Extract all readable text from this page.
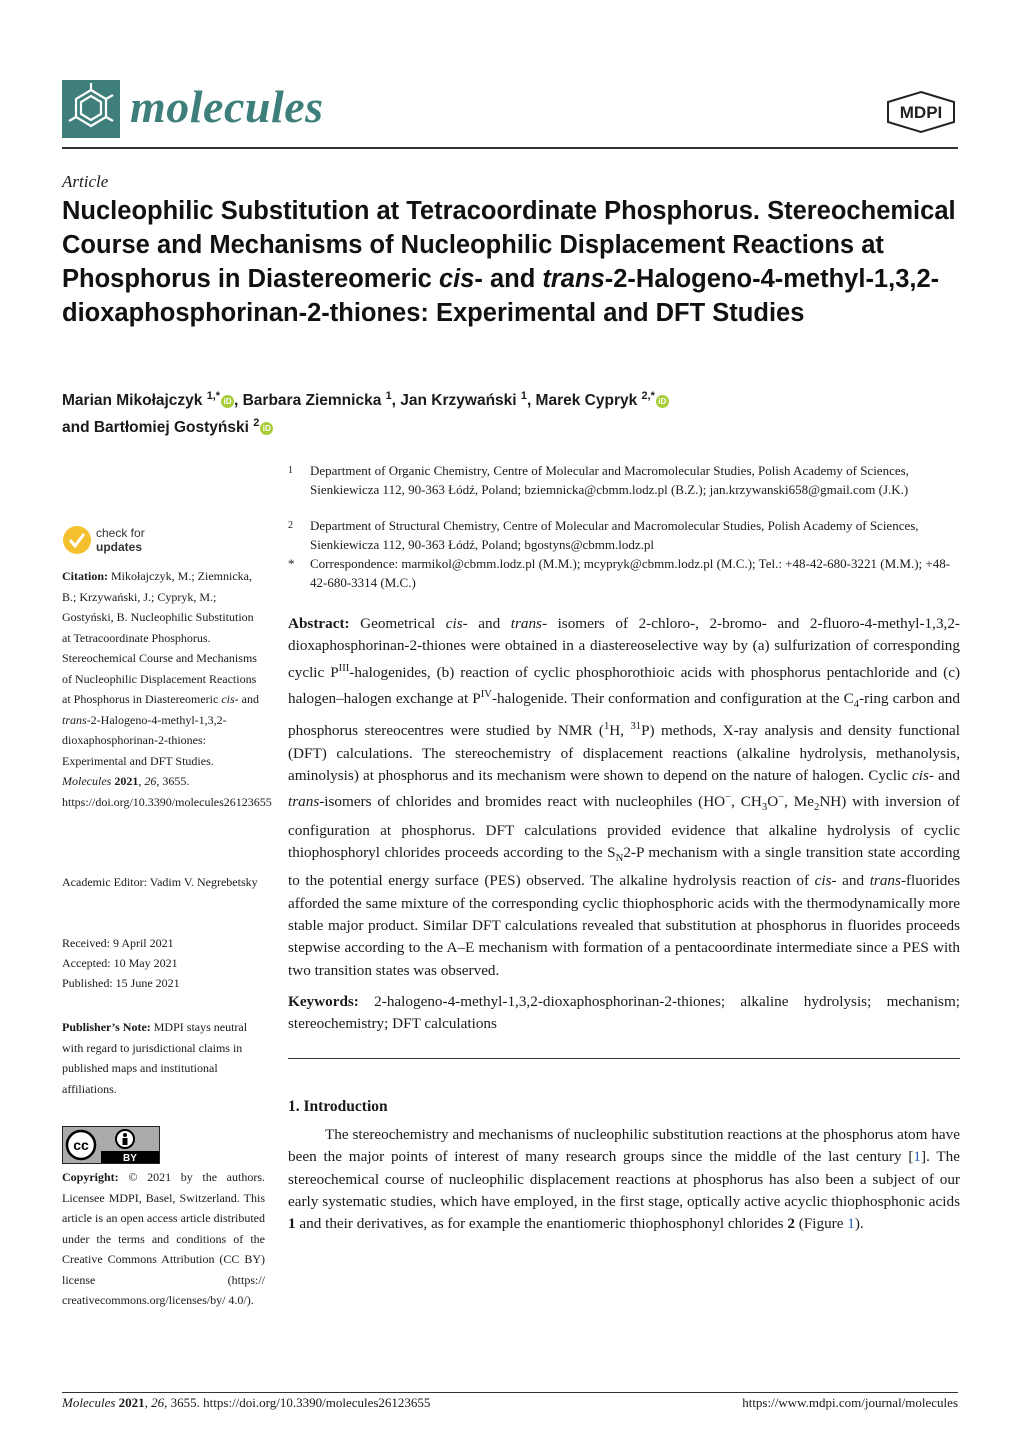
molecules	MDPI
Article
Nucleophilic Substitution at Tetracoordinate Phosphorus. Stereochemical Course and Mechanisms of Nucleophilic Displacement Reactions at Phosphorus in Diastereomeric cis- and trans-2-Halogeno-4-methyl-1,3,2-dioxaphosphorinan-2-thiones: Experimental and DFT Studies
Marian Mikołajczyk $^{1,*}$ iD , Barbara Ziemnicka $^1$, Jan Krzywański $^1$, Marek Cypryk $^{2,*}$ iD
and Bartłomiej Gostyński $^2$ iD
1 Department of Organic Chemistry, Centre of Molecular and Macromolecular Studies, Polish Academy of Sciences, Sienkiewicza 112, 90-363 Łódź, Poland; bziemnicka@cbmm.lodz.pl (B.Z.); jan.krzywanski658@gmail.com (J.K.)
2 Department of Structural Chemistry, Centre of Molecular and Macromolecular Studies, Polish Academy of Sciences, Sienkiewicza 112, 90-363 Łódź, Poland; bgostyns@cbmm.lodz.pl
* Correspondence: marmikol@cbmm.lodz.pl (M.M.); mcypryk@cbmm.lodz.pl (M.C.); Tel.: +48-42-680-3221 (M.M.); +48-42-680-3314 (M.C.)
check for
updates
Citation: Mikołajczyk, M.; Ziemnicka, B.; Krzywański, J.; Cypryk, M.; Gostyński, B. Nucleophilic Substitution at Tetracoordinate Phosphorus. Stereochemical Course and Mechanisms of Nucleophilic Displacement Reactions at Phosphorus in Diastereomeric cis- and trans-2-Halogeno-4-methyl-1,3,2-dioxaphosphorinan-2-thiones: Experimental and DFT Studies. Molecules 2021, 26, 3655. https://doi.org/10.3390/molecules26123655
Academic Editor: Vadim V. Negrebetsky
Received: 9 April 2021
Accepted: 10 May 2021
Published: 15 June 2021
Publisher’s Note: MDPI stays neutral with regard to jurisdictional claims in published maps and institutional affiliations.
cc
BY
Copyright: © 2021 by the authors. Licensee MDPI, Basel, Switzerland. This article is an open access article distributed under the terms and conditions of the Creative Commons Attribution (CC BY) license (https:// creativecommons.org/licenses/by/ 4.0/).
Abstract: Geometrical cis- and trans- isomers of 2-chloro-, 2-bromo- and 2-fluoro-4-methyl-1,3,2-dioxaphosphorinan-2-thiones were obtained in a diastereoselective way by (a) sulfurization of corresponding cyclic $P^{III}$-halogenides, (b) reaction of cyclic phosphorothioic acids with phosphorus pentachloride and (c) halogen–halogen exchange at $P^{IV}$-halogenide. Their conformation and configuration at the $C_4$-ring carbon and phosphorus stereocentres were studied by NMR ($^1$H, $^{31}$P) methods, X-ray analysis and density functional (DFT) calculations. The stereochemistry of displacement reactions (alkaline hydrolysis, methanolysis, aminolysis) at phosphorus and its mechanism were shown to depend on the nature of halogen. Cyclic cis- and trans-isomers of chlorides and bromides react with nucleophiles (HO−, $CH_3O^-$, $Me_2NH$) with inversion of configuration at phosphorus. DFT calculations provided evidence that alkaline hydrolysis of cyclic thiophosphoryl chlorides proceeds according to the $S_N2-P$ mechanism with a single transition state according to the potential energy surface (PES) observed. The alkaline hydrolysis reaction of cis- and trans-fluorides afforded the same mixture of the corresponding cyclic thiophosphoric acids with the thermodynamically more stable major product. Similar DFT calculations revealed that substitution at phosphorus in fluorides proceeds stepwise according to the A–E mechanism with formation of a pentacoordinate intermediate since a PES with two transition states was observed.
Keywords: 2-halogeno-4-methyl-1,3,2-dioxaphosphorinan-2-thiones; alkaline hydrolysis; mechanism; stereochemistry; DFT calculations
1. Introduction
The stereochemistry and mechanisms of nucleophilic substitution reactions at the phosphorus atom have been the major points of interest of many research groups since the middle of the last century [1]. The stereochemical course of nucleophilic displacement reactions at phosphorus has also been a subject of our early systematic studies, which have employed, in the first stage, optically active acyclic thiophosphonic acids 1 and their derivatives, as for example the enantiomeric thiophosphonyl chlorides 2 (Figure 1).
Molecules 2021, 26, 3655. https://doi.org/10.3390/molecules26123655	https://www.mdpi.com/journal/molecules
